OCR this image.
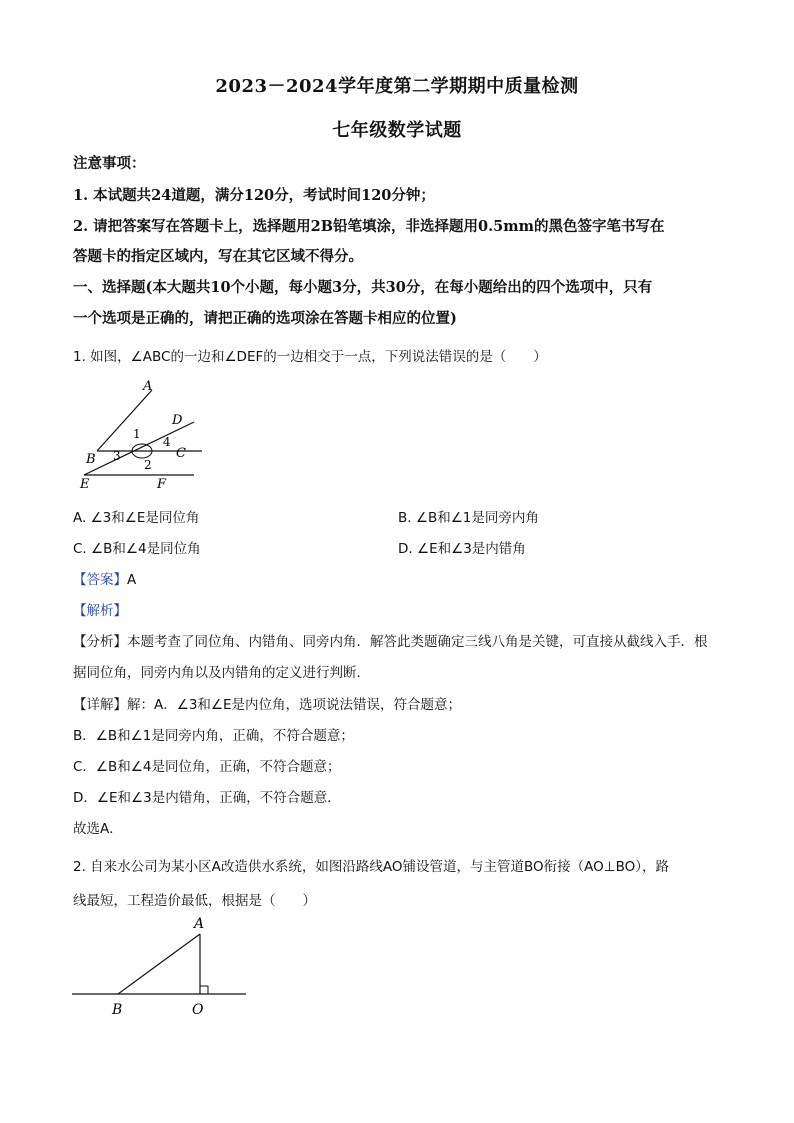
2023－2024学年度第二学期期中质量检测
七年级数学试题
注意事项：
1. 本试题共24道题，满分120分，考试时间120分钟；
2. 请把答案写在答题卡上，选择题用2B铅笔填涂，非选择题用0.5mm的黑色签字笔书写在
答题卡的指定区域内，写在其它区域不得分。
一、选择题(本大题共10个小题，每小题3分，共30分，在每小题给出的四个选项中，只有
一个选项是正确的，请把正确的选项涂在答题卡相应的位置)
1. 如图，∠ABC的一边和∠DEF的一边相交于一点，下列说法错误的是（　　）
A
B	C
D
E	F
1
2
3
4
A. ∠3和∠E是同位角	B. ∠B和∠1是同旁内角
C. ∠B和∠4是同位角	D. ∠E和∠3是内错角
【答案】A
【解析】
【分析】本题考查了同位角、内错角、同旁内角．解答此类题确定三线八角是关键，可直接从截线入手．根
据同位角，同旁内角以及内错角的定义进行判断．
【详解】解：A．∠3和∠E是内位角，选项说法错误，符合题意；
B．∠B和∠1是同旁内角，正确，不符合题意；
C．∠B和∠4是同位角，正确，不符合题意；
D．∠E和∠3是内错角，正确，不符合题意．
故选A．
2. 自来水公司为某小区A改造供水系统，如图沿路线AO铺设管道，与主管道BO衔接（AO⊥BO），路
线最短，工程造价最低，根据是（　　）
A
B	O
